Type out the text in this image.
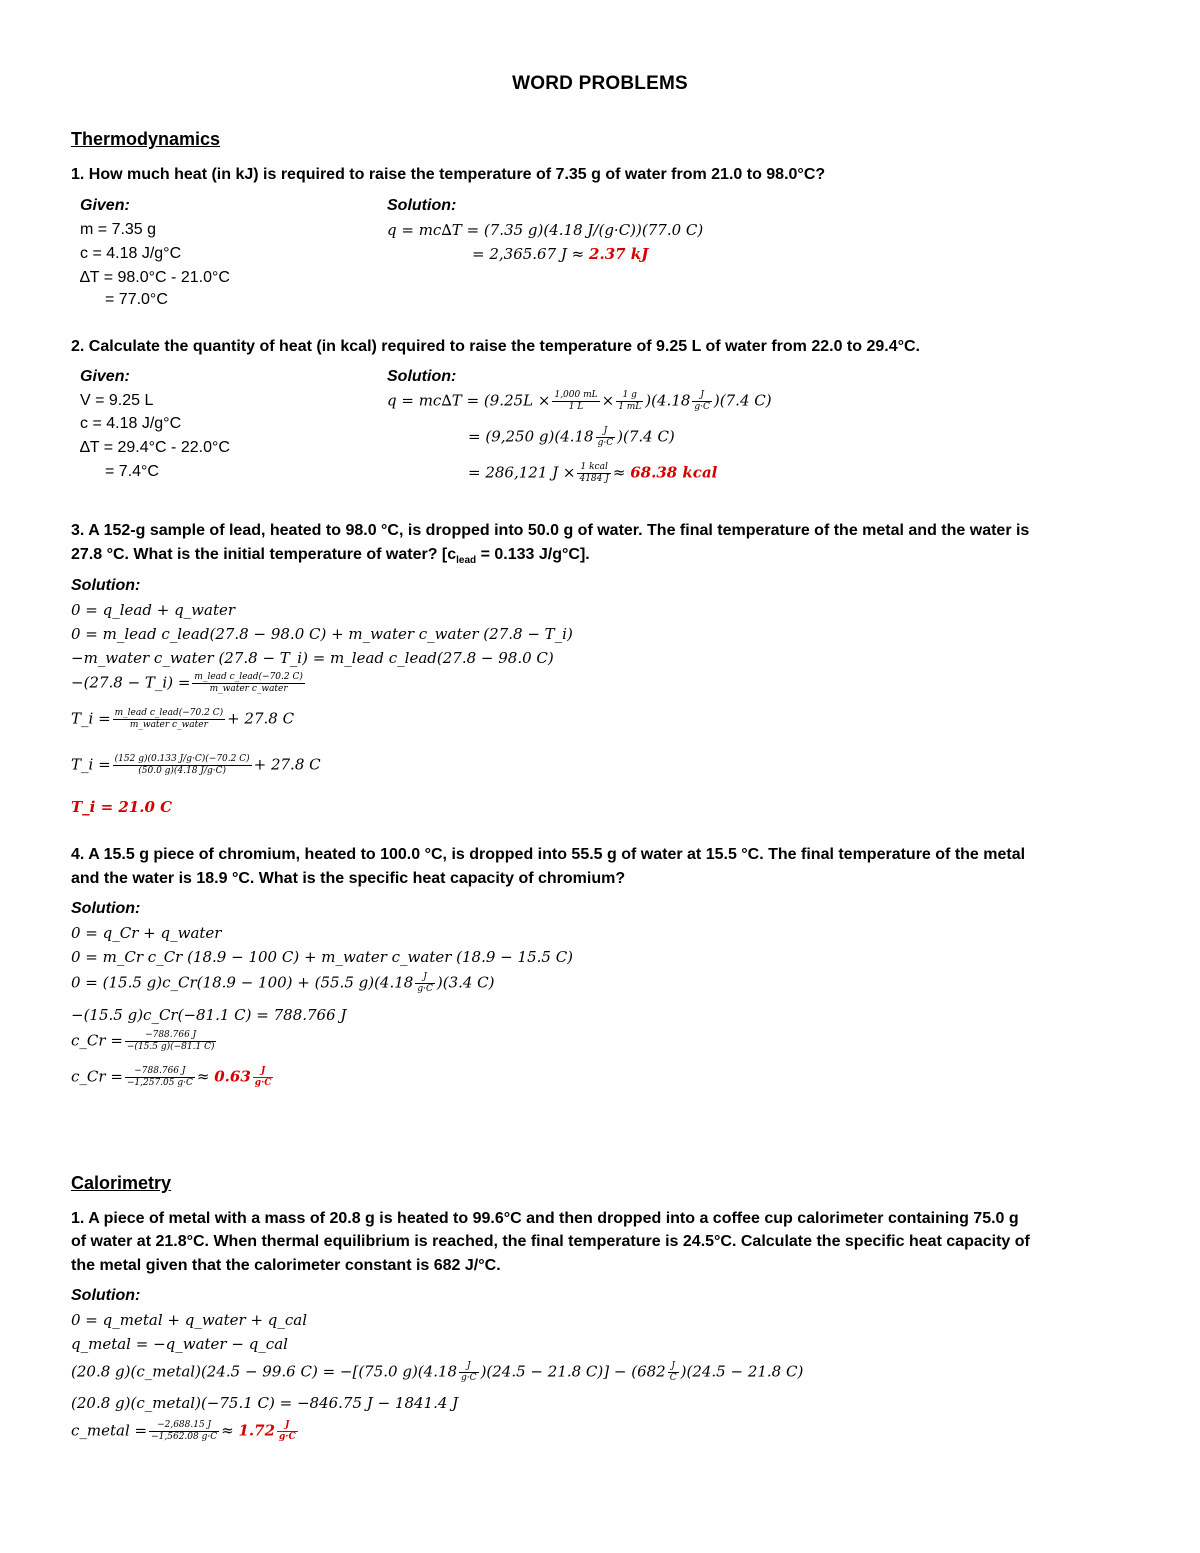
WORD PROBLEMS
Thermodynamics
1. How much heat (in kJ) is required to raise the temperature of 7.35 g of water from 21.0 to 98.0°C?
Given:
m = 7.35 g
c = 4.18 J/g°C
∆T = 98.0°C - 21.0°C
= 77.0°C
Solution:
q = mc∆T = (7.35 g)(4.18 J/(g·C))(77.0 C)
= 2,365.67 J ≈ 2.37 kJ
2. Calculate the quantity of heat (in kcal) required to raise the temperature of 9.25 L of water from 22.0 to 29.4°C.
Given:
V = 9.25 L
c = 4.18 J/g°C
∆T = 29.4°C - 22.0°C
= 7.4°C
Solution:
$q = mc\Delta T = (9.25L \times \frac{1,000 mL}{1 L} \times \frac{1 g}{1 mL} )(4.18 \frac{J}{g\cdot C} )(7.4$ C)
= (9,250 $g)(4.18 \frac{J}{g\cdot C} )(7.4$ C)
= 286,121 $J \times \frac{\text{1 kcal}}{4184 J} \approx 68.38$ kcal
3. A 152-g sample of lead, heated to 98.0 °C, is dropped into 50.0 g of water. The final temperature of the metal and the water is
27.8 °C. What is the initial temperature of water? [$c_{lead} = 0.133$ J/g°C].
Solution:
0 = q_lead + q_water
0 = m_lead c_lead(27.8 − 98.0 C) + m_water c_water (27.8 − T_i)
−m_water c_water (27.8 − T_i) = m_lead c_lead(27.8 − 98.0 C)
−(27.8 − T_i) = $\frac{\text{m\_lead c\_lead(−70.2 C)}}{\text{m\_water c\_water}}$
T_i = $\frac{\text{m\_lead c\_lead(−70.2 C)}}{\text{m\_water c\_water}} + 27.8$ C
T_i = $\frac{(152 g)(0.133 J/g\cdot C)(-70.2 C)}{(50.0 g)(4.18 J/g\cdot C)} + 27.8$ C
T_i = 21.0 C
4. A 15.5 g piece of chromium, heated to 100.0 °C, is dropped into 55.5 g of water at 15.5 °C. The final temperature of the metal
and the water is 18.9 °C. What is the specific heat capacity of chromium?
Solution:
0 = q_Cr + q_water
0 = m_Cr c_Cr (18.9 − 100 C) + m_water c_water (18.9 − 15.5 C)
0 = (15.5 g)c_Cr(18.9 − 100) + (55.5 $g)(4.18 \frac{J}{g\cdot C} )(3.4$ C)
−(15.5 g)c_Cr(−81.1 C) = 788.766 J
c_Cr = $\frac{-788.766 J}{-(15.5 g)(-81.1 C)}$
c_Cr = $\frac{-788.766 J}{-1,257.05 g\cdot C} \approx 0.63 \frac{J}{g\cdot C}$
Calorimetry
1. A piece of metal with a mass of 20.8 g is heated to 99.6°C and then dropped into a coffee cup calorimeter containing 75.0 g
of water at 21.8°C. When thermal equilibrium is reached, the final temperature is 24.5°C. Calculate the specific heat capacity of
the metal given that the calorimeter constant is 682 J/°C.
Solution:
0 = q_metal + q_water + q_cal
q_metal = −q_water − q_cal
(20.8 g)(c_metal)(24.5 − 99.6 C) = −[(75.0 $g)(4.18 \frac{J}{g\cdot C} )(24.5 - 21.8$ $C)] - (682 \frac{J}{C} )(24.5 - 21.8$ C)
(20.8 g)(c_metal)(−75.1 C) = −846.75 J − 1841.4 J
c_metal = $\frac{-2,688.15 J}{-1,562.08 g\cdot C} \approx 1.72 \frac{J}{g\cdot C}$
